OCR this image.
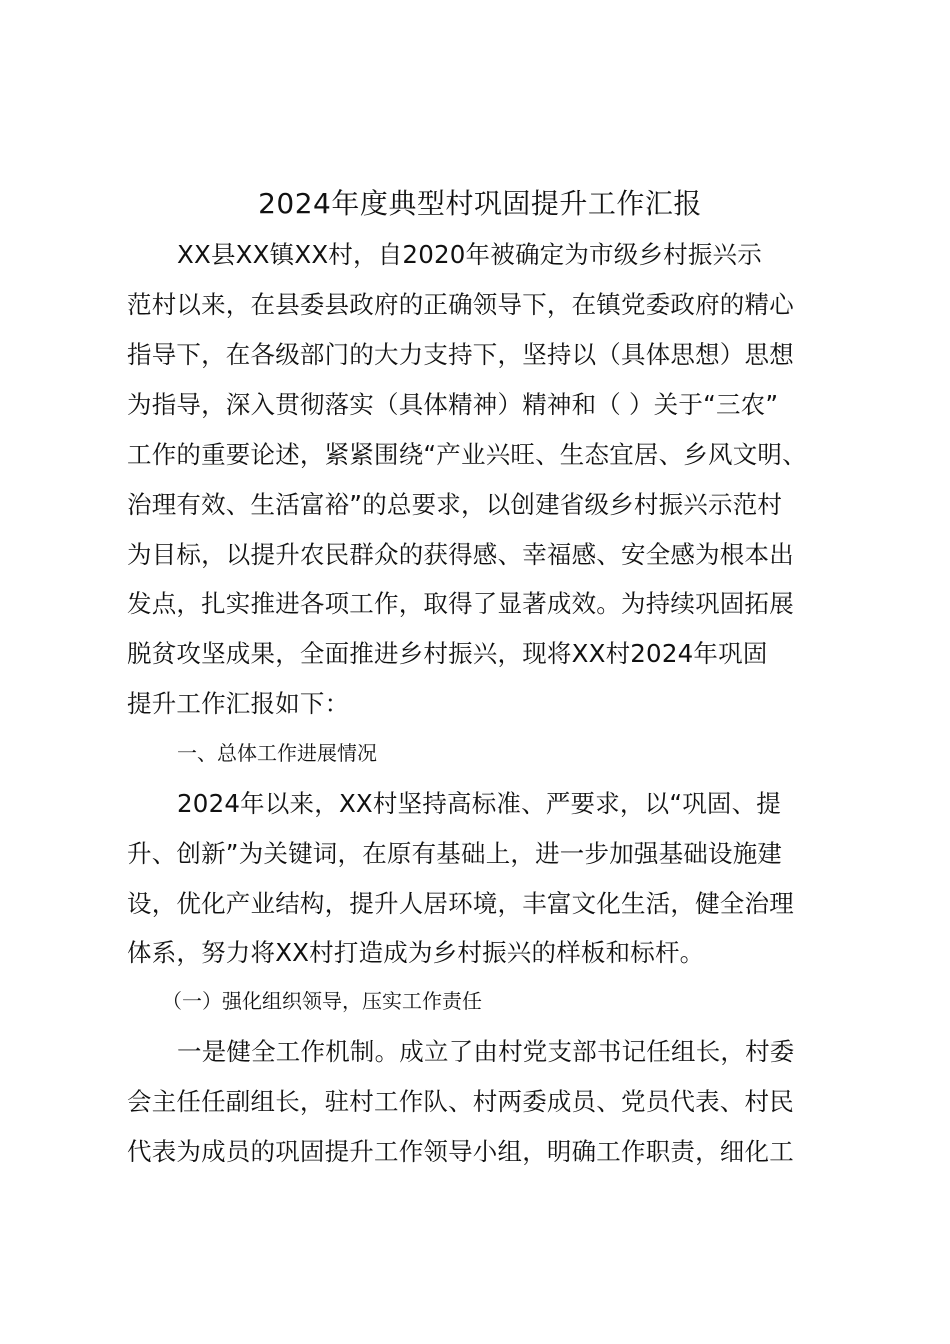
2024年度典型村巩固提升工作汇报
XX县XX镇XX村，自2020年被确定为市级乡村振兴示
范村以来，在县委县政府的正确领导下，在镇党委政府的精心
指导下，在各级部门的大力支持下，坚持以（具体思想）思想
为指导，深入贯彻落实（具体精神）精神和（ ）关于“三农”
工作的重要论述，紧紧围绕“产业兴旺、生态宜居、乡风文明、
治理有效、生活富裕”的总要求，以创建省级乡村振兴示范村
为目标，以提升农民群众的获得感、幸福感、安全感为根本出
发点，扎实推进各项工作，取得了显著成效。为持续巩固拓展
脱贫攻坚成果，全面推进乡村振兴，现将XX村2024年巩固
提升工作汇报如下：
一、总体工作进展情况
2024年以来，XX村坚持高标准、严要求，以“巩固、提
升、创新”为关键词，在原有基础上，进一步加强基础设施建
设，优化产业结构，提升人居环境，丰富文化生活，健全治理
体系，努力将XX村打造成为乡村振兴的样板和标杆。
（一）强化组织领导，压实工作责任
一是健全工作机制。成立了由村党支部书记任组长，村委
会主任任副组长，驻村工作队、村两委成员、党员代表、村民
代表为成员的巩固提升工作领导小组，明确工作职责，细化工
